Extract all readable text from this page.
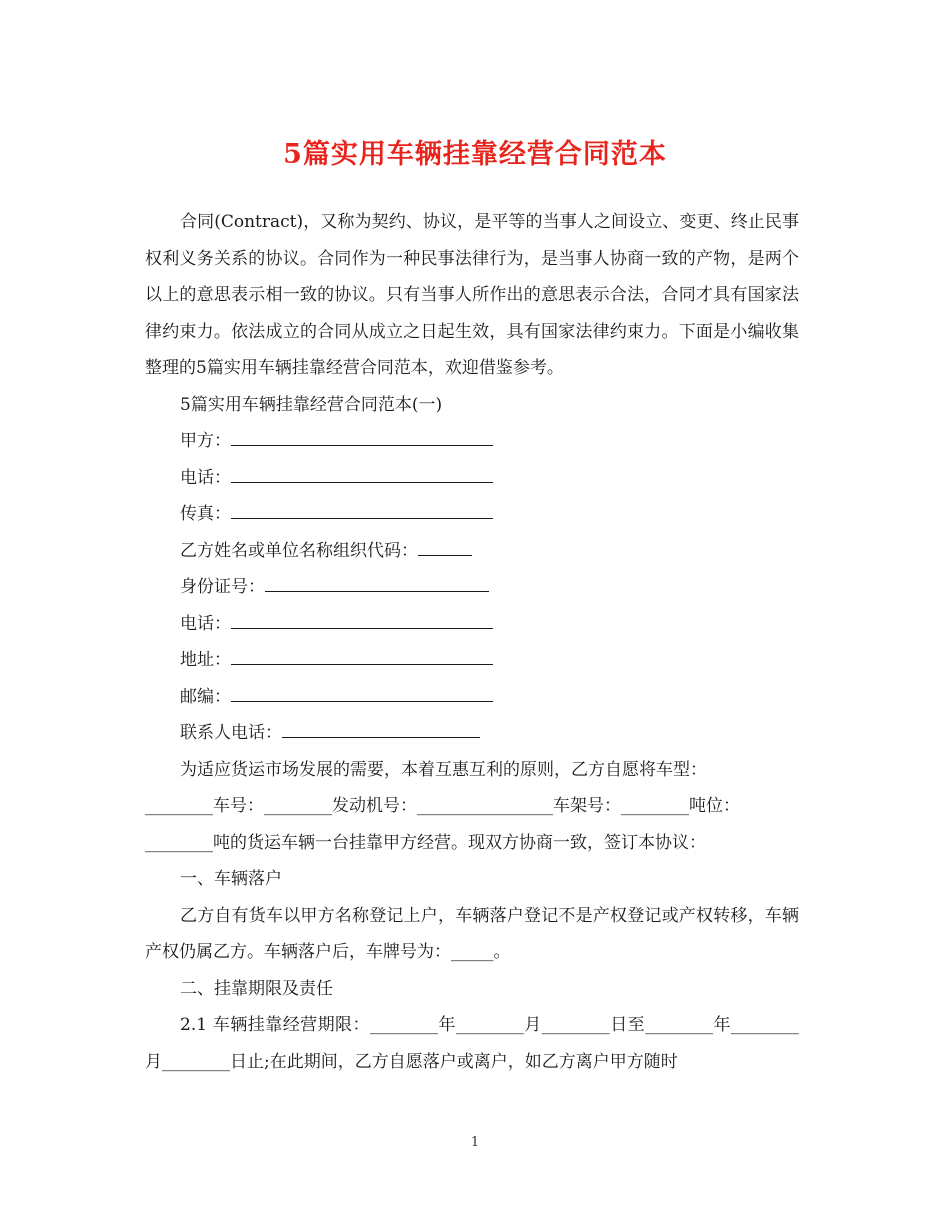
5篇实用车辆挂靠经营合同范本

合同(Contract)，又称为契约、协议，是平等的当事人之间设立、变更、终止民事权利义务关系的协议。合同作为一种民事法律行为，是当事人协商一致的产物，是两个以上的意思表示相一致的协议。只有当事人所作出的意思表示合法，合同才具有国家法律约束力。依法成立的合同从成立之日起生效，具有国家法律约束力。下面是小编收集整理的5篇实用车辆挂靠经营合同范本，欢迎借鉴参考。

5篇实用车辆挂靠经营合同范本(一)

甲方：

电话：

传真：

乙方姓名或单位名称组织代码：

身份证号：

电话：

地址：

邮编：

联系人电话：

为适应货运市场发展的需要，本着互惠互利的原则，乙方自愿将车型：

________车号：________发动机号：________________车架号：________吨位：

________吨的货运车辆一台挂靠甲方经营。现双方协商一致，签订本协议：

一、车辆落户

乙方自有货车以甲方名称登记上户，车辆落户登记不是产权登记或产权转移，车辆产权仍属乙方。车辆落户后，车牌号为：_____。

二、挂靠期限及责任

2.1 车辆挂靠经营期限：________年________月________日至________年________月________日止;在此期间，乙方自愿落户或离户，如乙方离户甲方随时

1
